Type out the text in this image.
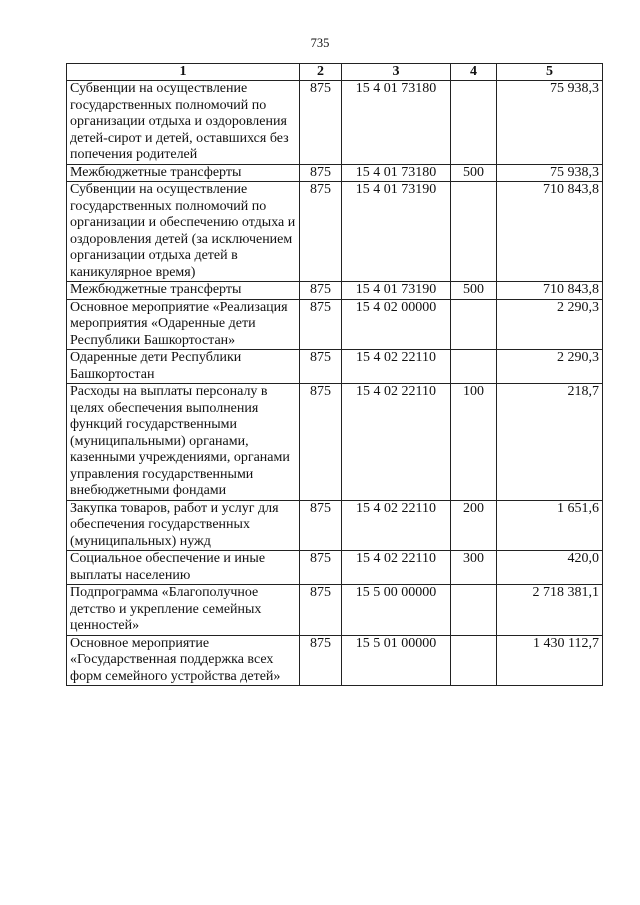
735
1	2	3	4	5
Субвенции на осуществление государственных полномочий по организации отдыха и оздоровления детей-сирот и детей, оставшихся без попечения родителей	875	15 4 01 73180		75 938,3
Межбюджетные трансферты	875	15 4 01 73180	500	75 938,3
Субвенции на осуществление государственных полномочий по организации и обеспечению отдыха и оздоровления детей (за исключением организации отдыха детей в каникулярное время)	875	15 4 01 73190		710 843,8
Межбюджетные трансферты	875	15 4 01 73190	500	710 843,8
Основное мероприятие «Реализация мероприятия «Одаренные дети Республики Башкортостан»	875	15 4 02 00000		2 290,3
Одаренные дети Республики Башкортостан	875	15 4 02 22110		2 290,3
Расходы на выплаты персоналу в целях обеспечения выполнения функций государственными (муниципальными) органами, казенными учреждениями, органами управления государственными внебюджетными фондами	875	15 4 02 22110	100	218,7
Закупка товаров, работ и услуг для обеспечения государственных (муниципальных) нужд	875	15 4 02 22110	200	1 651,6
Социальное обеспечение и иные выплаты населению	875	15 4 02 22110	300	420,0
Подпрограмма «Благополучное детство и укрепление семейных ценностей»	875	15 5 00 00000		2 718 381,1
Основное мероприятие «Государственная поддержка всех форм семейного устройства детей»	875	15 5 01 00000		1 430 112,7
